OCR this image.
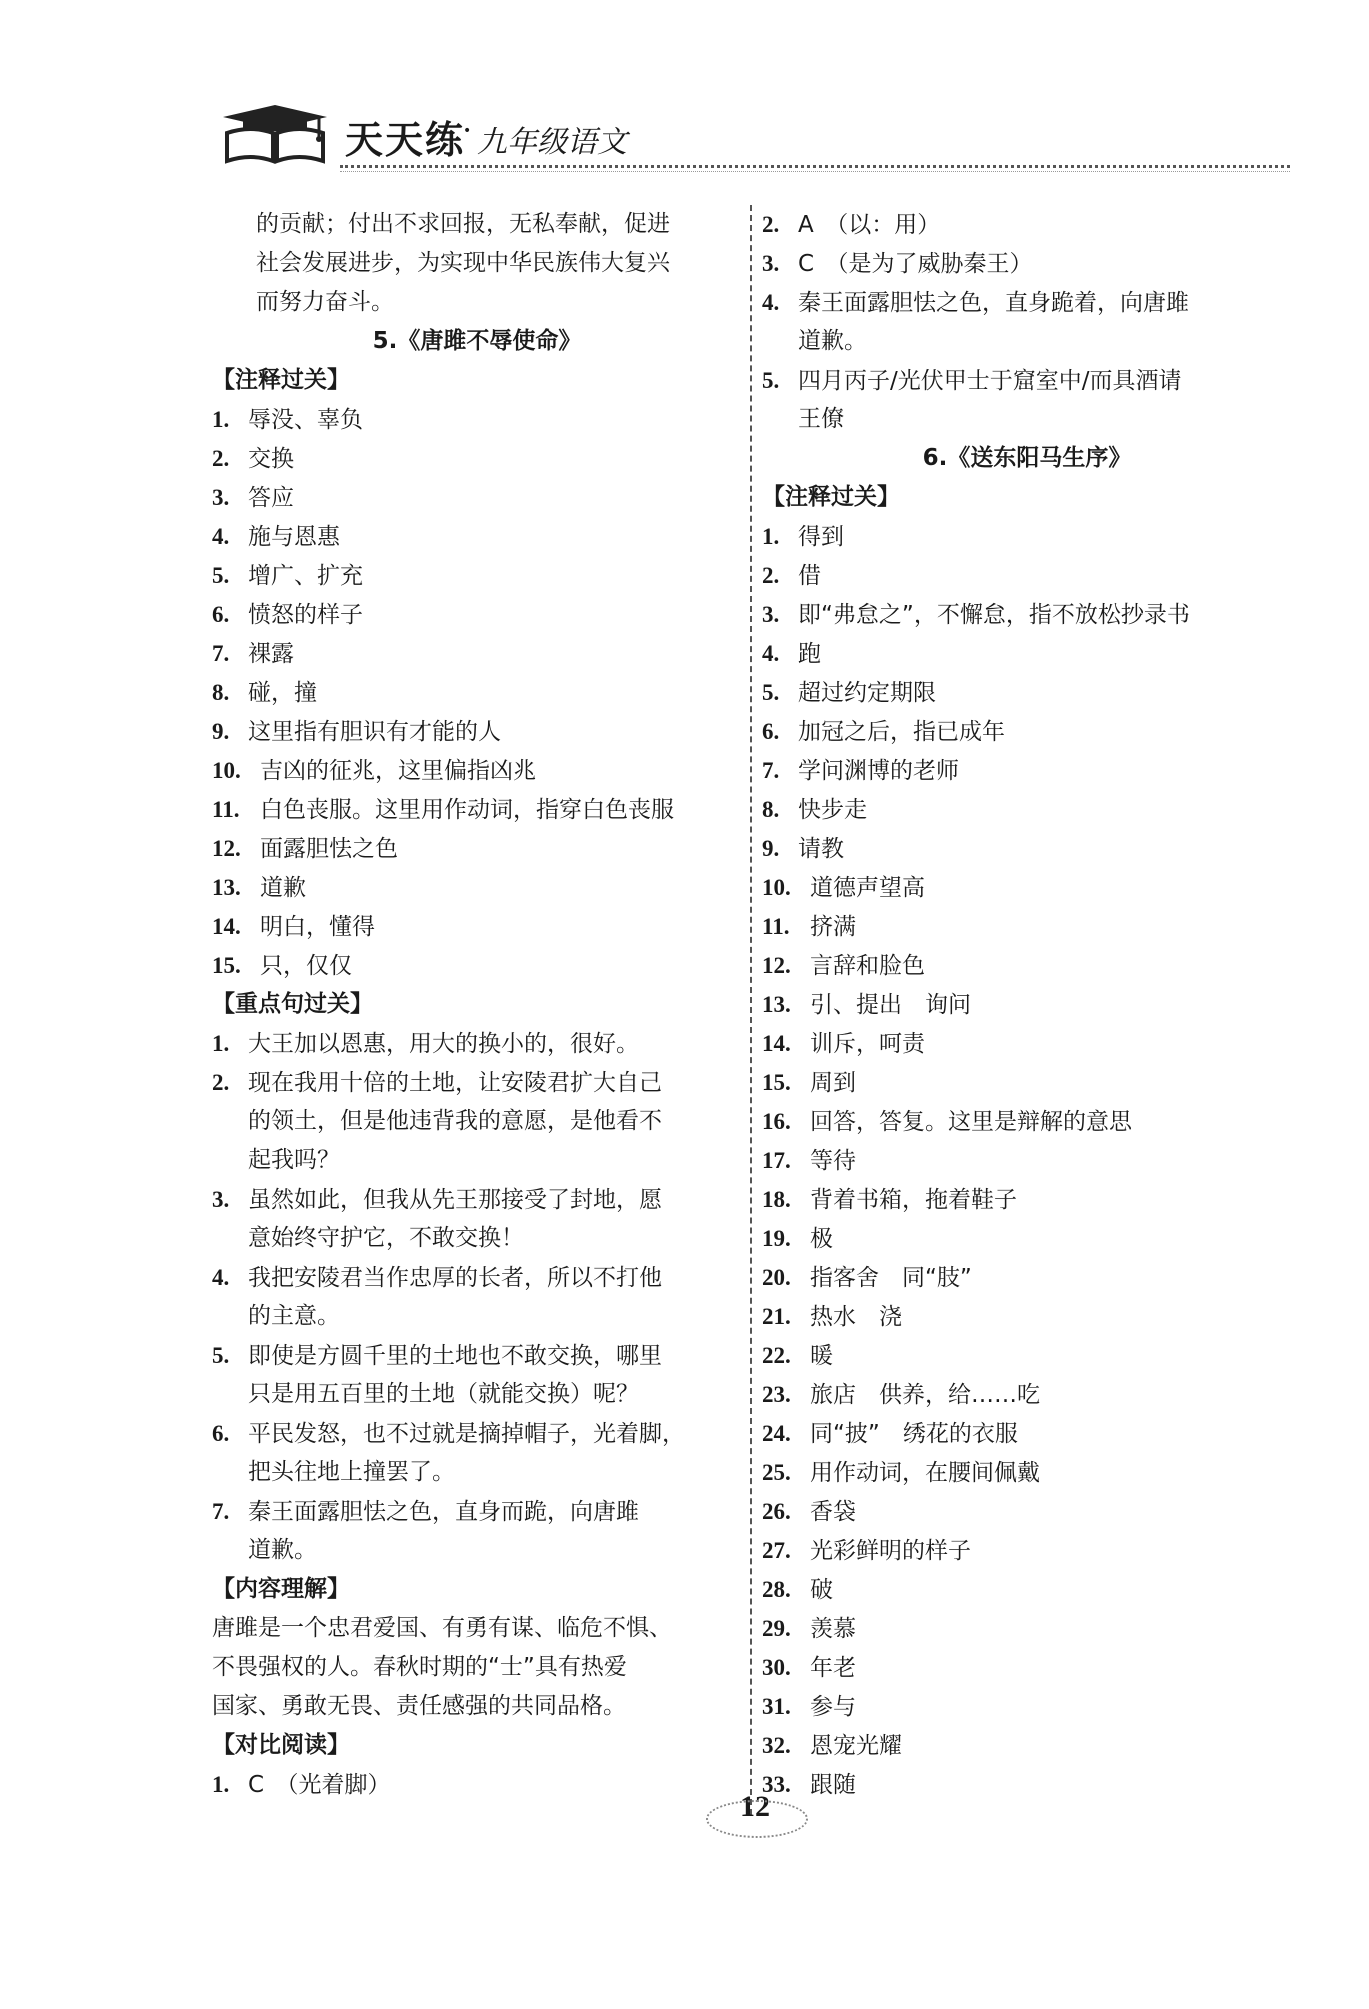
天天练
• 九年级语文
的贡献；付出不求回报，无私奉献，促进
社会发展进步，为实现中华民族伟大复兴
而努力奋斗。
5.《唐雎不辱使命》
【注释过关】
1. 辱没、辜负
2. 交换
3. 答应
4. 施与恩惠
5. 增广、扩充
6. 愤怒的样子
7. 裸露
8. 碰，撞
9. 这里指有胆识有才能的人
10. 吉凶的征兆，这里偏指凶兆
11. 白色丧服。这里用作动词，指穿白色丧服
12. 面露胆怯之色
13. 道歉
14. 明白，懂得
15. 只，仅仅
【重点句过关】
1. 大王加以恩惠，用大的换小的，很好。
2. 现在我用十倍的土地，让安陵君扩大自己
的领土，但是他违背我的意愿，是他看不
起我吗？
3. 虽然如此，但我从先王那接受了封地，愿
意始终守护它，不敢交换！
4. 我把安陵君当作忠厚的长者，所以不打他
的主意。
5. 即使是方圆千里的土地也不敢交换，哪里
只是用五百里的土地（就能交换）呢？
6. 平民发怒，也不过就是摘掉帽子，光着脚，
把头往地上撞罢了。
7. 秦王面露胆怯之色，直身而跪，向唐雎
道歉。
【内容理解】
唐雎是一个忠君爱国、有勇有谋、临危不惧、
不畏强权的人。春秋时期的“士”具有热爱
国家、勇敢无畏、责任感强的共同品格。
【对比阅读】
1. C　（光着脚）
2. A　（以：用）
3. C　（是为了威胁秦王）
4. 秦王面露胆怯之色，直身跪着，向唐雎
道歉。
5. 四月丙子/光伏甲士于窟室中/而具酒请
王僚
6.《送东阳马生序》
【注释过关】
1. 得到
2. 借
3. 即“弗怠之”，不懈怠，指不放松抄录书
4. 跑
5. 超过约定期限
6. 加冠之后，指已成年
7. 学问渊博的老师
8. 快步走
9. 请教
10. 道德声望高
11. 挤满
12. 言辞和脸色
13. 引、提出　询问
14. 训斥，呵责
15. 周到
16. 回答，答复。这里是辩解的意思
17. 等待
18. 背着书箱，拖着鞋子
19. 极
20. 指客舍　同“肢”
21. 热水　浇
22. 暖
23. 旅店　供养，给……吃
24. 同“披”　绣花的衣服
25. 用作动词，在腰间佩戴
26. 香袋
27. 光彩鲜明的样子
28. 破
29. 羡慕
30. 年老
31. 参与
32. 恩宠光耀
33. 跟随
12
